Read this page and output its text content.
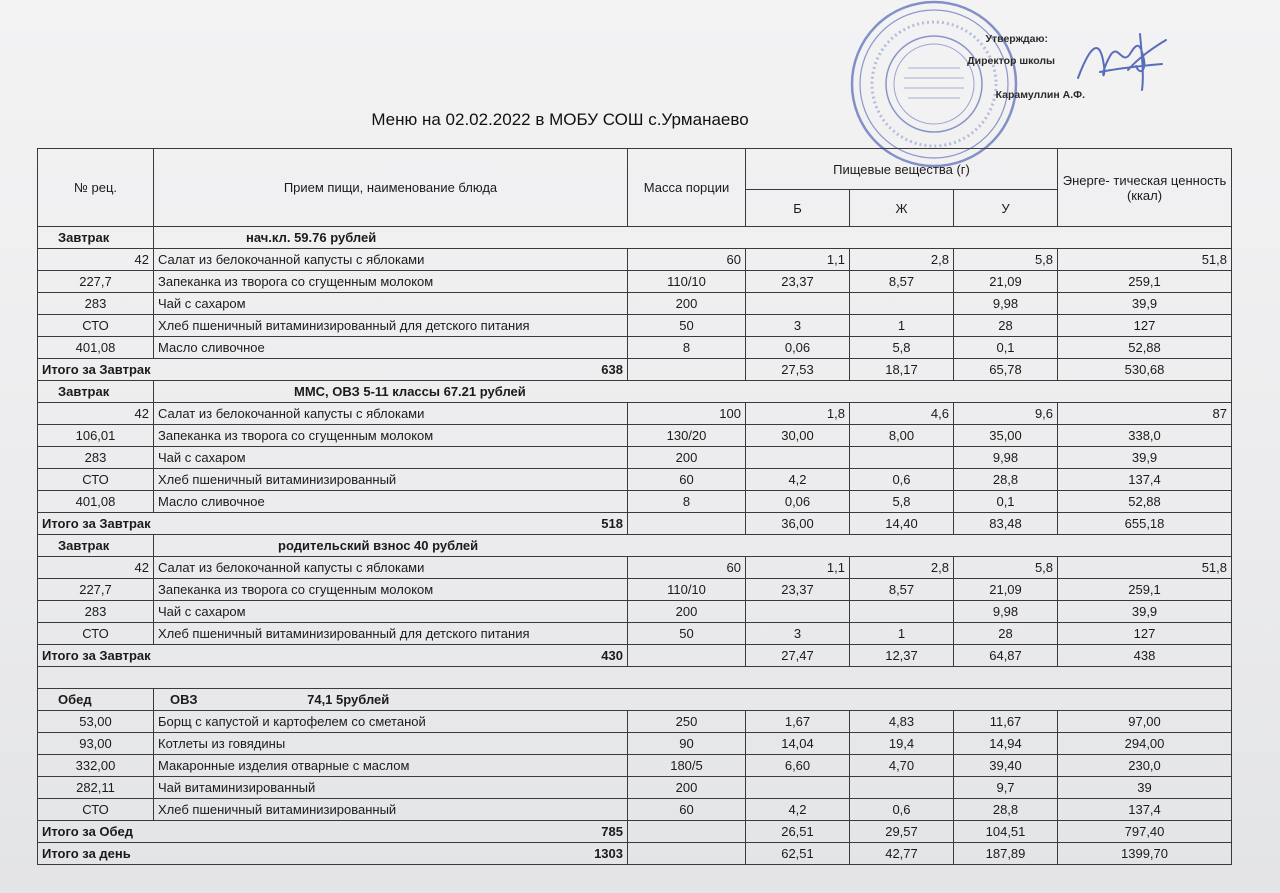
Утверждаю:
Директор школы
Карамуллин А.Ф.
Меню на 02.02.2022 в МОБУ СОШ с.Урманаево
№ рец.	Прием пищи, наименование блюда	Масса порции	Пищевые вещества (г)			Энерге- тическая ценность (ккал)
			Б	Ж	У	
Завтрак	нач.кл. 59.76 рублей					
42	Салат из белокочанной капусты с яблоками	60	1,1	2,8	5,8	51,8
227,7	Запеканка из творога со сгущенным молоком	110/10	23,37	8,57	21,09	259,1
283	Чай с сахаром	200			9,98	39,9
СТО	Хлеб пшеничный витаминизированный для детского питания	50	3	1	28	127
401,08	Масло сливочное	8	0,06	5,8	0,1	52,88
Итого за Завтрак 638			27,53	18,17	65,78	530,68
Завтрак	ММС, ОВЗ 5-11 классы 67.21 рублей					
42	Салат из белокочанной капусты с яблоками	100	1,8	4,6	9,6	87
106,01	Запеканка из творога со сгущенным молоком	130/20	30,00	8,00	35,00	338,0
283	Чай с сахаром	200			9,98	39,9
СТО	Хлеб пшеничный витаминизированный	60	4,2	0,6	28,8	137,4
401,08	Масло сливочное	8	0,06	5,8	0,1	52,88
Итого за Завтрак 518			36,00	14,40	83,48	655,18
Завтрак	родительский взнос 40 рублей					
42	Салат из белокочанной капусты с яблоками	60	1,1	2,8	5,8	51,8
227,7	Запеканка из творога со сгущенным молоком	110/10	23,37	8,57	21,09	259,1
283	Чай с сахаром	200			9,98	39,9
СТО	Хлеб пшеничный витаминизированный для детского питания	50	3	1	28	127
Итого за Завтрак 430			27,47	12,37	64,87	438

Обед	ОВЗ 74,1 5рублей					
53,00	Борщ с капустой и картофелем со сметаной	250	1,67	4,83	11,67	97,00
93,00	Котлеты из говядины	90	14,04	19,4	14,94	294,00
332,00	Макаронные изделия отварные с маслом	180/5	6,60	4,70	39,40	230,0
282,11	Чай витаминизированный	200			9,7	39
СТО	Хлеб пшеничный витаминизированный	60	4,2	0,6	28,8	137,4
Итого за Обед 785			26,51	29,57	104,51	797,40
Итого за день 1303			62,51	42,77	187,89	1399,70
